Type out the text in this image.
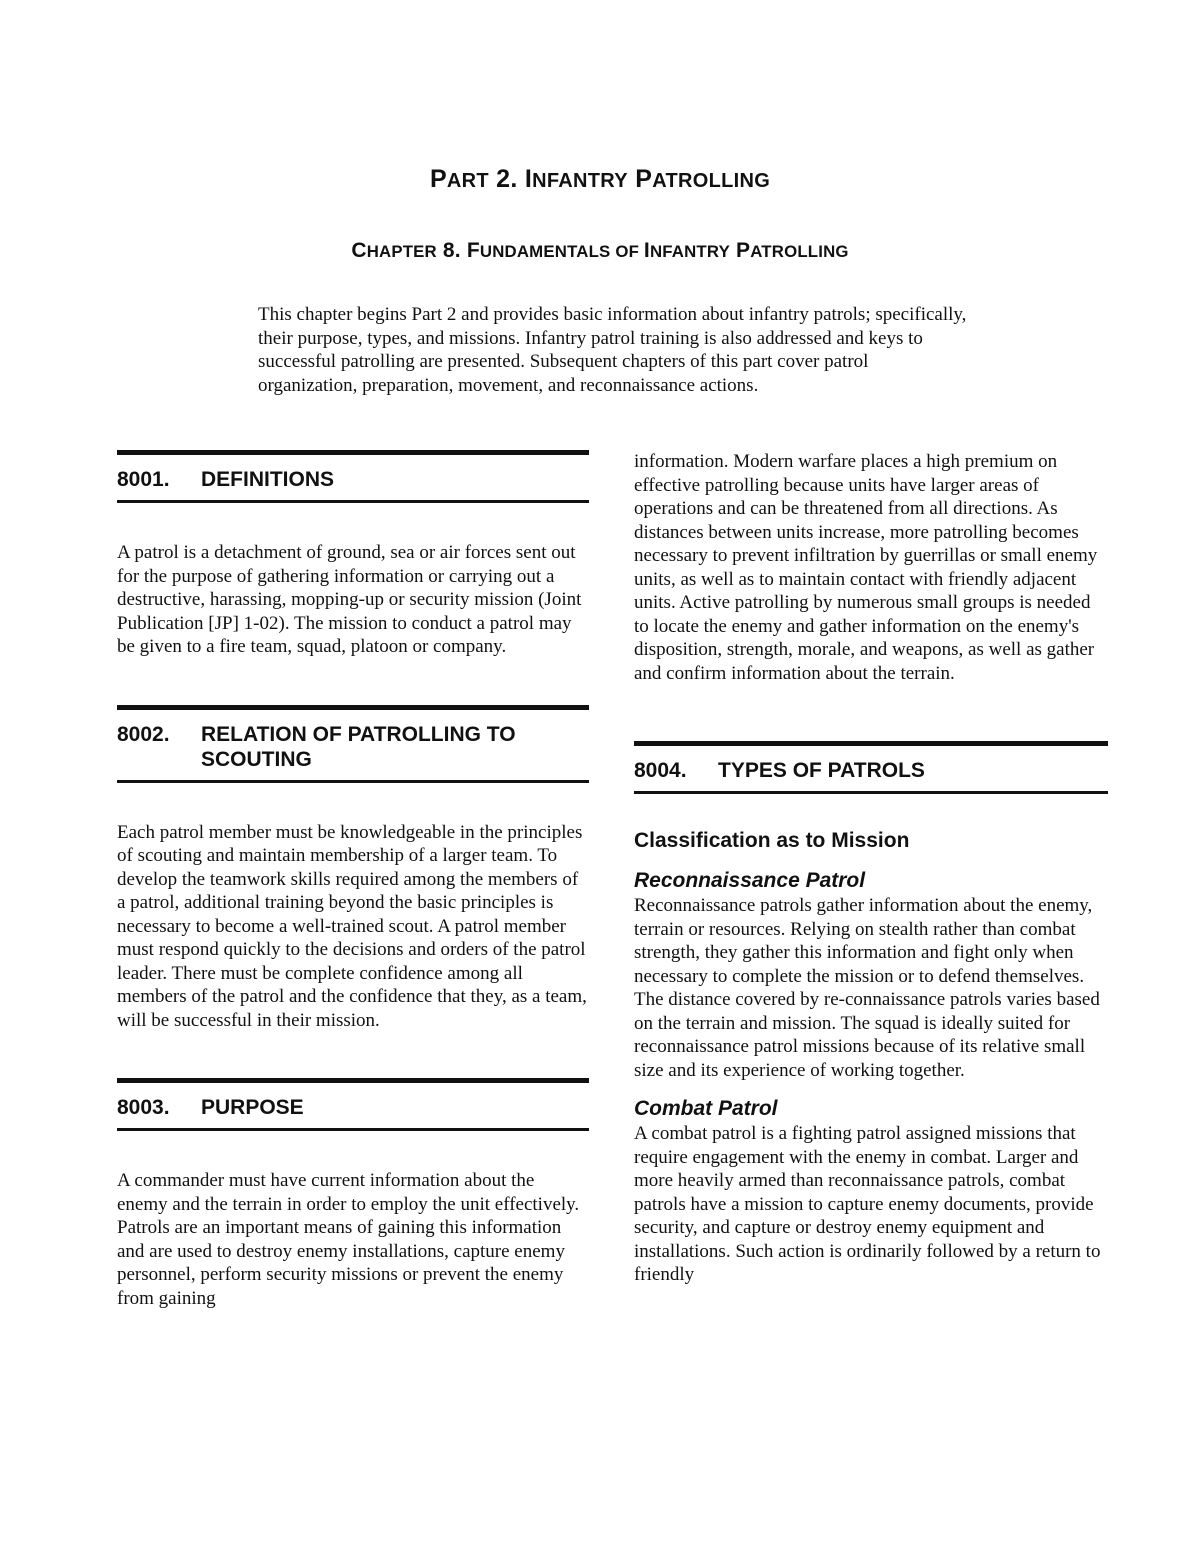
PART 2. INFANTRY PATROLLING
CHAPTER 8. FUNDAMENTALS OF INFANTRY PATROLLING

This chapter begins Part 2 and provides basic information about infantry patrols; specifically, their purpose, types, and missions. Infantry patrol training is also addressed and keys to successful patrolling are presented. Subsequent chapters of this part cover patrol organization, preparation, movement, and reconnaissance actions.

8001.	DEFINITIONS

A patrol is a detachment of ground, sea or air forces sent out for the purpose of gathering information or carrying out a destructive, harassing, mopping-up or security mission (Joint Publication [JP] 1-02). The mission to conduct a patrol may be given to a fire team, squad, platoon or company.

8002.	RELATION OF PATROLLING TO SCOUTING

Each patrol member must be knowledgeable in the principles of scouting and maintain membership of a larger team. To develop the teamwork skills required among the members of a patrol, additional training beyond the basic principles is necessary to become a well-trained scout. A patrol member must respond quickly to the decisions and orders of the patrol leader. There must be complete confidence among all members of the patrol and the confidence that they, as a team, will be successful in their mission.

8003.	PURPOSE

A commander must have current information about the enemy and the terrain in order to employ the unit effectively. Patrols are an important means of gaining this information and are used to destroy enemy installations, capture enemy personnel, perform security missions or prevent the enemy from gaining

information. Modern warfare places a high premium on effective patrolling because units have larger areas of operations and can be threatened from all directions. As distances between units increase, more patrolling becomes necessary to prevent infiltration by guerrillas or small enemy units, as well as to maintain contact with friendly adjacent units. Active patrolling by numerous small groups is needed to locate the enemy and gather information on the enemy's disposition, strength, morale, and weapons, as well as gather and confirm information about the terrain.

8004.	TYPES OF PATROLS
Classification as to Mission
Reconnaissance Patrol

Reconnaissance patrols gather information about the enemy, terrain or resources. Relying on stealth rather than combat strength, they gather this information and fight only when necessary to complete the mission or to defend themselves. The distance covered by re-connaissance patrols varies based on the terrain and mission. The squad is ideally suited for reconnaissance patrol missions because of its relative small size and its experience of working together.

Combat Patrol

A combat patrol is a fighting patrol assigned missions that require engagement with the enemy in combat. Larger and more heavily armed than reconnaissance patrols, combat patrols have a mission to capture enemy documents, provide security, and capture or destroy enemy equipment and installations. Such action is ordinarily followed by a return to friendly
